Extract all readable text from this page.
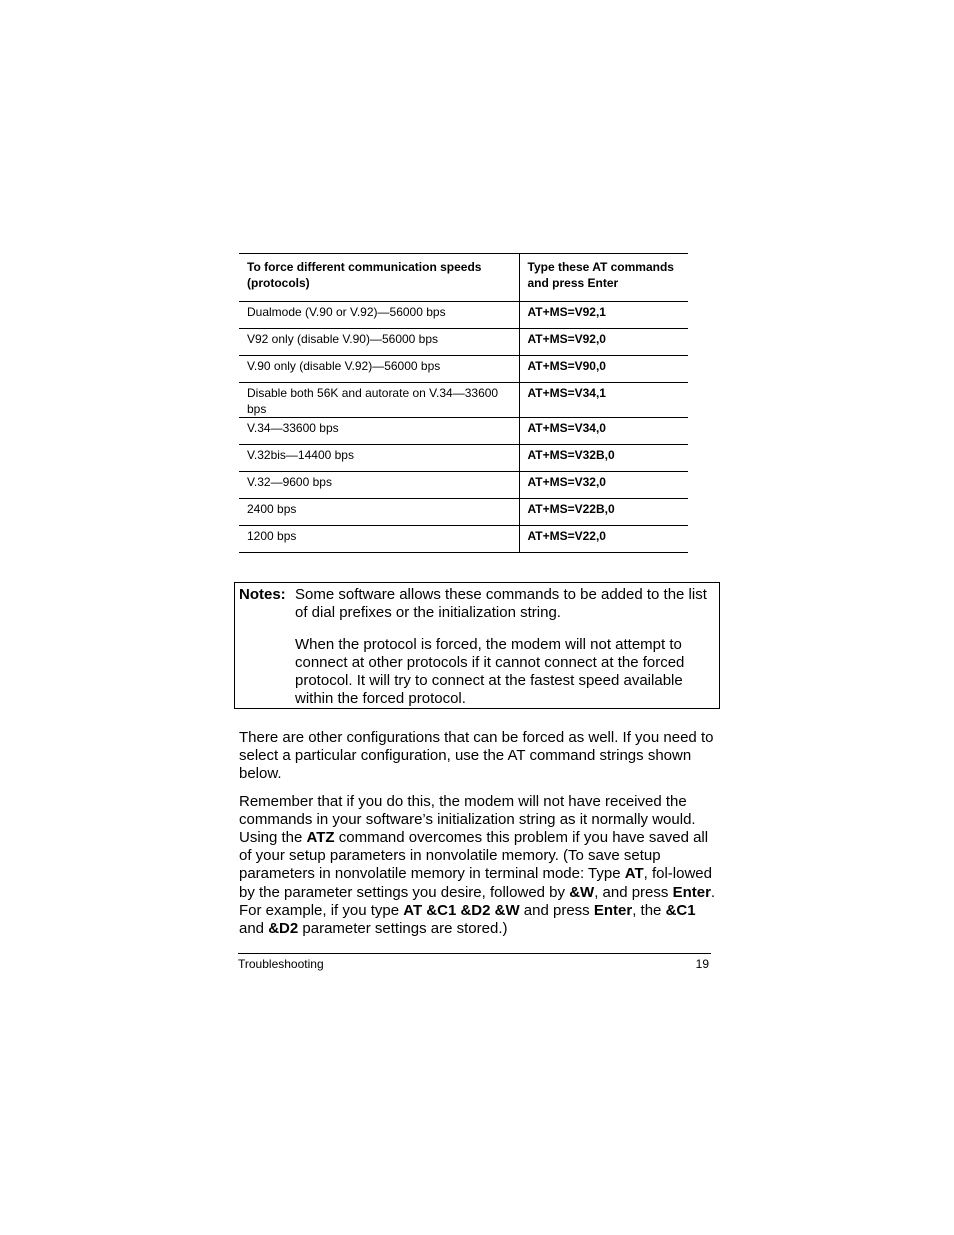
To force different communication speeds (protocols)	Type these AT commands and press Enter
Dualmode (V.90 or V.92)—56000 bps	AT+MS=V92,1
V92 only (disable V.90)—56000 bps	AT+MS=V92,0
V.90 only (disable V.92)—56000 bps	AT+MS=V90,0
Disable both 56K and autorate on V.34—33600 bps	AT+MS=V34,1
V.34—33600 bps	AT+MS=V34,0
V.32bis—14400 bps	AT+MS=V32B,0
V.32—9600 bps	AT+MS=V32,0
2400 bps	AT+MS=V22B,0
1200 bps	AT+MS=V22,0
Notes: Some software allows these commands to be added to the list of dial prefixes or the initialization string.

When the protocol is forced, the modem will not attempt to connect at other protocols if it cannot connect at the forced protocol. It will try to connect at the fastest speed available within the forced protocol.

There are other configurations that can be forced as well. If you need to select a particular configuration, use the AT command strings shown below.

Remember that if you do this, the modem will not have received the commands in your software’s initialization string as it normally would. Using the ATZ command overcomes this problem if you have saved all of your setup parameters in nonvolatile memory. (To save setup parameters in nonvolatile memory in terminal mode: Type AT, fol-lowed by the parameter settings you desire, followed by &W, and press Enter. For example, if you type AT &C1 &D2 &W and press Enter, the &C1 and &D2 parameter settings are stored.)

Troubleshooting	19
